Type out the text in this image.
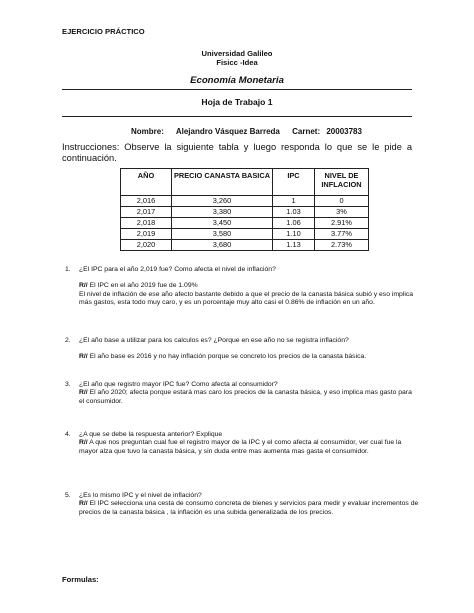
EJERCICIO PRÁCTICO
Universidad Galileo
Fisicc -Idea
Economía Monetaria
Hoja de Trabajo 1
Nombre: Alejandro Vásquez Barreda Carnet: 20003783
Instrucciones: Observe la siguiente tabla y luego responda lo que se le pide a continuación.
AÑO	PRECIO CANASTA BASICA	IPC	NIVEL DE INFLACION
2,016	3,260	1	0
2,017	3,380	1.03	3%
2,018	3,450	1.06	2.91%
2,019	3,580	1.10	3.77%
2,020	3,680	1.13	2.73%
1. ¿El IPC para el año 2,019 fue? Como afecta el nivel de inflación?

R// El IPC en el año 2019 fue de 1.09%

El nivel de inflación de ese año afecto bastante debido a que el precio de la canasta básica subió y eso implica más gastos, esta todo muy caro, y es un porcentaje muy alto casi el 0.86% de inflación en un año.

2. ¿El año base a utilizar para los calculos es? ¿Porque en ese año no se registra inflación?

R// El año base es 2016 y no hay inflación porque se concreto los precios de la canasta básica.

3. ¿El año que registro mayor IPC fue? Como afecta al consumidor?

R// El año 2020; afecta porque estará mas caro los precios de la canasta básica, y eso implica mas gasto para el consumidor.

4. ¿A que se debe la respuesta anterior? Explique

R// A que nos preguntan cual fue el registro mayor de la IPC y el como afecta al consumidor, ver cual fue la mayor alza que tuvo la canasta básica, y sin duda entre mas aumenta mas gasta el consumidor.

5. ¿Es lo mismo IPC y el nivel de inflación?

R// El IPC selecciona una cesta de consumo concreta de bienes y servicios para medir y evaluar incrementos de precios de la canasta básica , la inflación es una subida generalizada de los precios.

Formulas:
